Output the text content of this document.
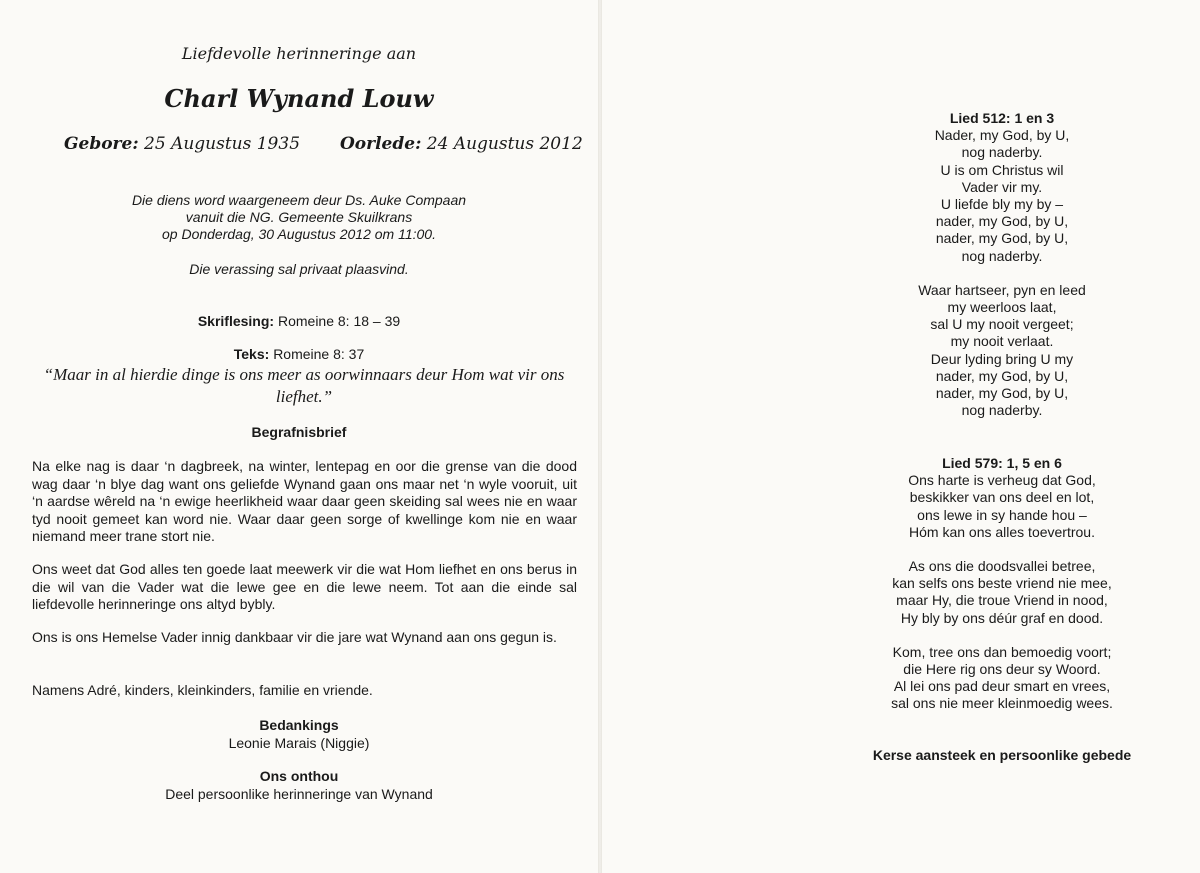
Liefdevolle herinneringe aan
Charl Wynand Louw
Gebore: 25 Augustus 1935 Oorlede: 24 Augustus 2012
Die diens word waargeneem deur Ds. Auke Compaan
vanuit die NG. Gemeente Skuilkrans
op Donderdag, 30 Augustus 2012 om 11:00.
Die verassing sal privaat plaasvind.
Skriflesing: Romeine 8: 18 – 39
Teks: Romeine 8: 37
“Maar in al hierdie dinge is ons meer as oorwinnaars deur Hom wat vir ons liefhet.”
Begrafnisbrief
Na elke nag is daar ‘n dagbreek, na winter, lentepag en oor die grense van die dood wag daar ‘n blye dag want ons geliefde Wynand gaan ons maar net ‘n wyle vooruit, uit ‘n aardse wêreld na ‘n ewige heerlikheid waar daar geen skeiding sal wees nie en waar tyd nooit gemeet kan word nie. Waar daar geen sorge of kwellinge kom nie en waar niemand meer trane stort nie.
Ons weet dat God alles ten goede laat meewerk vir die wat Hom liefhet en ons berus in die wil van die Vader wat die lewe gee en die lewe neem. Tot aan die einde sal liefdevolle herinneringe ons altyd bybly.
Ons is ons Hemelse Vader innig dankbaar vir die jare wat Wynand aan ons gegun is.
Namens Adré, kinders, kleinkinders, familie en vriende.
Bedankings
Leonie Marais (Niggie)
Ons onthou
Deel persoonlike herinneringe van Wynand
Lied 512: 1 en 3
Nader, my God, by U,
nog naderby.
U is om Christus wil
Vader vir my.
U liefde bly my by –
nader, my God, by U,
nader, my God, by U,
nog naderby.
Waar hartseer, pyn en leed
my weerloos laat,
sal U my nooit vergeet;
my nooit verlaat.
Deur lyding bring U my
nader, my God, by U,
nader, my God, by U,
nog naderby.
Lied 579: 1, 5 en 6
Ons harte is verheug dat God,
beskikker van ons deel en lot,
ons lewe in sy hande hou –
Hóm kan ons alles toevertrou.
As ons die doodsvallei betree,
kan selfs ons beste vriend nie mee,
maar Hy, die troue Vriend in nood,
Hy bly by ons déúr graf en dood.
Kom, tree ons dan bemoedig voort;
die Here rig ons deur sy Woord.
Al lei ons pad deur smart en vrees,
sal ons nie meer kleinmoedig wees.
Kerse aansteek en persoonlike gebede
